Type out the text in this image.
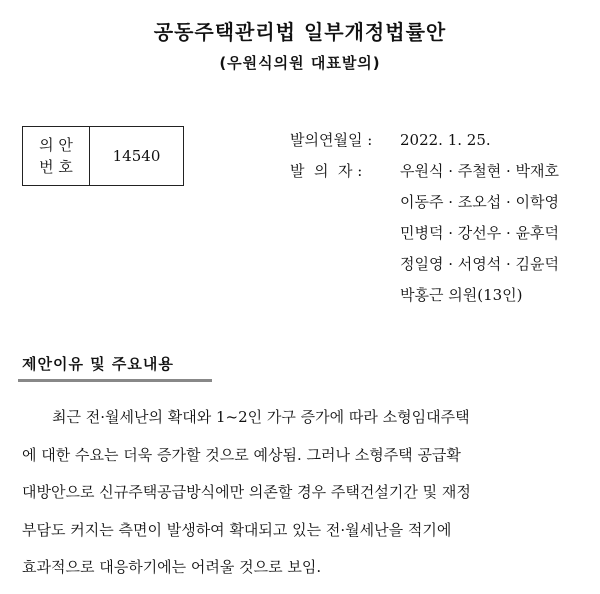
공동주택관리법 일부개정법률안
(우원식의원 대표발의)
의 안
번 호
14540
발의연월일 :	2022. 1. 25.
발  의  자 :	우원식 · 주철현 · 박재호
이동주 · 조오섭 · 이학영
민병덕 · 강선우 · 윤후덕
정일영 · 서영석 · 김윤덕
박홍근 의원(13인)
제안이유 및 주요내용
최근 전·월세난의 확대와 1~2인 가구 증가에 따라 소형임대주택
에 대한 수요는 더욱 증가할 것으로 예상됨. 그러나 소형주택 공급확
대방안으로 신규주택공급방식에만 의존할 경우 주택건설기간 및 재정
부담도 커지는 측면이 발생하여 확대되고 있는 전·월세난을 적기에
효과적으로 대응하기에는 어려울 것으로 보임.
